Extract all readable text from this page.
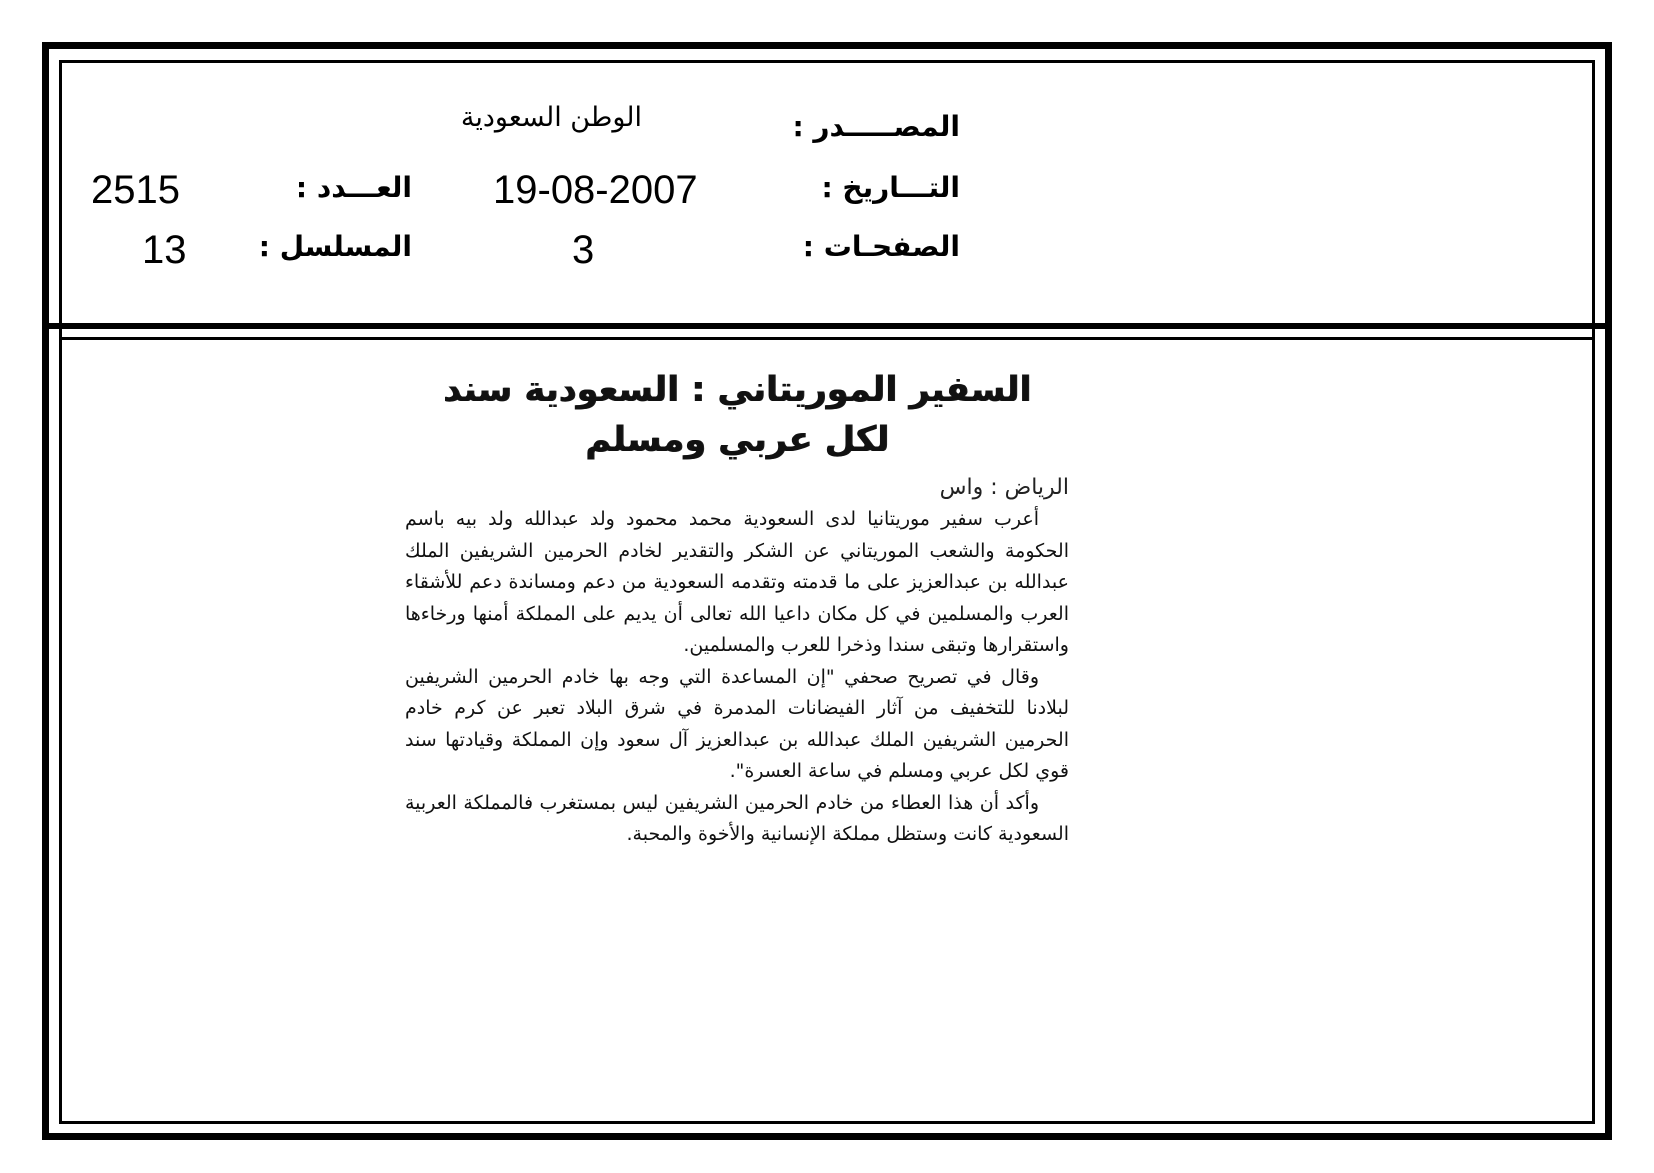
المصـــــدر :
الوطن السعودية
التـــاريخ :
19-08-2007
العـــدد :
2515
الصفحـات :
3
المسلسل :
13
السفير الموريتاني : السعودية سند لكل عربي ومسلم
الرياض : واس

أعرب سفير موريتانيا لدى السعودية محمد محمود ولد عبدالله ولد بيه باسم الحكومة والشعب الموريتاني عن الشكر والتقدير لخادم الحرمين الشريفين الملك عبدالله بن عبدالعزيز على ما قدمته وتقدمه السعودية من دعم ومساندة دعم للأشقاء العرب والمسلمين في كل مكان داعيا الله تعالى أن يديم على المملكة أمنها ورخاءها واستقرارها وتبقى سندا وذخرا للعرب والمسلمين.

وقال في تصريح صحفي "إن المساعدة التي وجه بها خادم الحرمين الشريفين لبلادنا للتخفيف من آثار الفيضانات المدمرة في شرق البلاد تعبر عن كرم خادم الحرمين الشريفين الملك عبدالله بن عبدالعزيز آل سعود وإن المملكة وقيادتها سند قوي لكل عربي ومسلم في ساعة العسرة".

وأكد أن هذا العطاء من خادم الحرمين الشريفين ليس بمستغرب فالمملكة العربية السعودية كانت وستظل مملكة الإنسانية والأخوة والمحبة.
